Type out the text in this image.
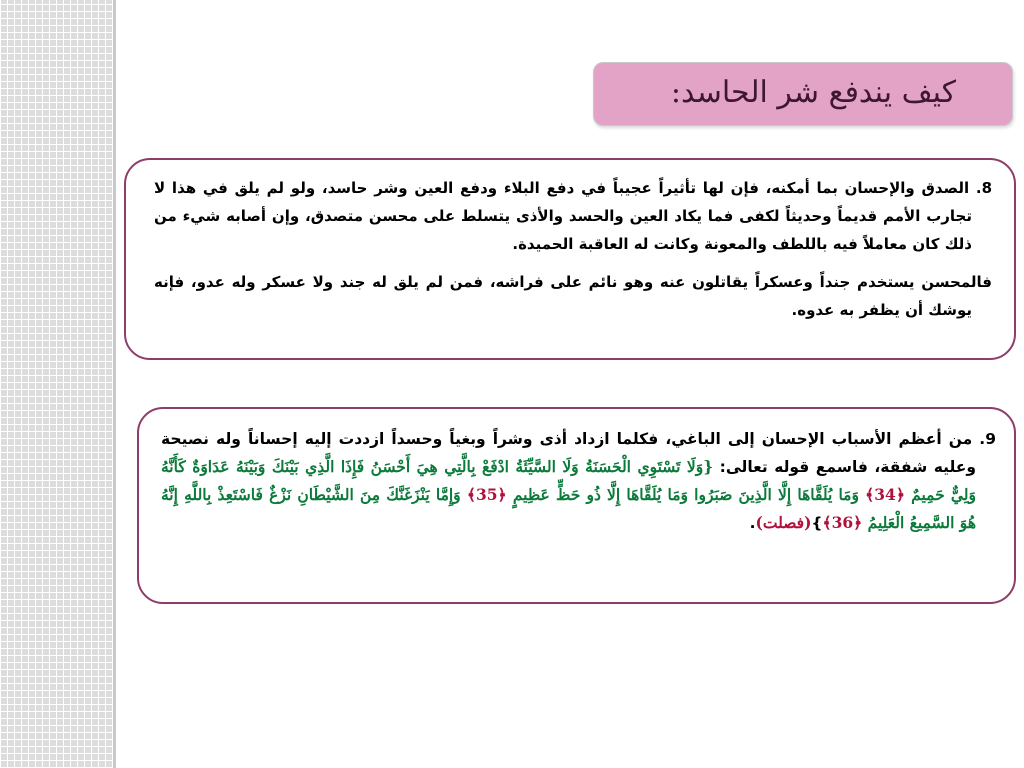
كيف يندفع شر الحاسد:

8. الصدق والإحسان بما أمكنه، فإن لها تأثيراً عجيباً في دفع البلاء ودفع العين وشر حاسد، ولو لم يلق في هذا لا تجارب الأمم قديماً وحديثاً لكفى فما يكاد العين والحسد والأذى يتسلط على محسن متصدق، وإن أصابه شيء من ذلك كان معاملاً فيه باللطف والمعونة وكانت له العاقبة الحميدة.

فالمحسن يستخدم جنداً وعسكراً يقاتلون عنه وهو نائم على فراشه، فمن لم يلق له جند ولا عسكر وله عدو، فإنه يوشك أن يظفر به عدوه.

9. من أعظم الأسباب الإحسان إلى الباغي، فكلما ازداد أذى وشراً وبغياً وحسداً ازددت إليه إحساناً وله نصيحة وعليه شفقة، فاسمع قوله تعالى: {وَلَا تَسْتَوِي الْحَسَنَةُ وَلَا السَّيِّئَةُ ادْفَعْ بِالَّتِي هِيَ أَحْسَنُ فَإِذَا الَّذِي بَيْنَكَ وَبَيْنَهُ عَدَاوَةٌ كَأَنَّهُ وَلِيٌّ حَمِيمٌ ﴿34﴾ وَمَا يُلَقَّاهَا إِلَّا الَّذِينَ صَبَرُوا وَمَا يُلَقَّاهَا إِلَّا ذُو حَظٍّ عَظِيمٍ ﴿35﴾ وَإِمَّا يَنْزَغَنَّكَ مِنَ الشَّيْطَانِ نَزْغٌ فَاسْتَعِذْ بِاللَّهِ إِنَّهُ هُوَ السَّمِيعُ الْعَلِيمُ ﴿36﴾}(فصلت).
